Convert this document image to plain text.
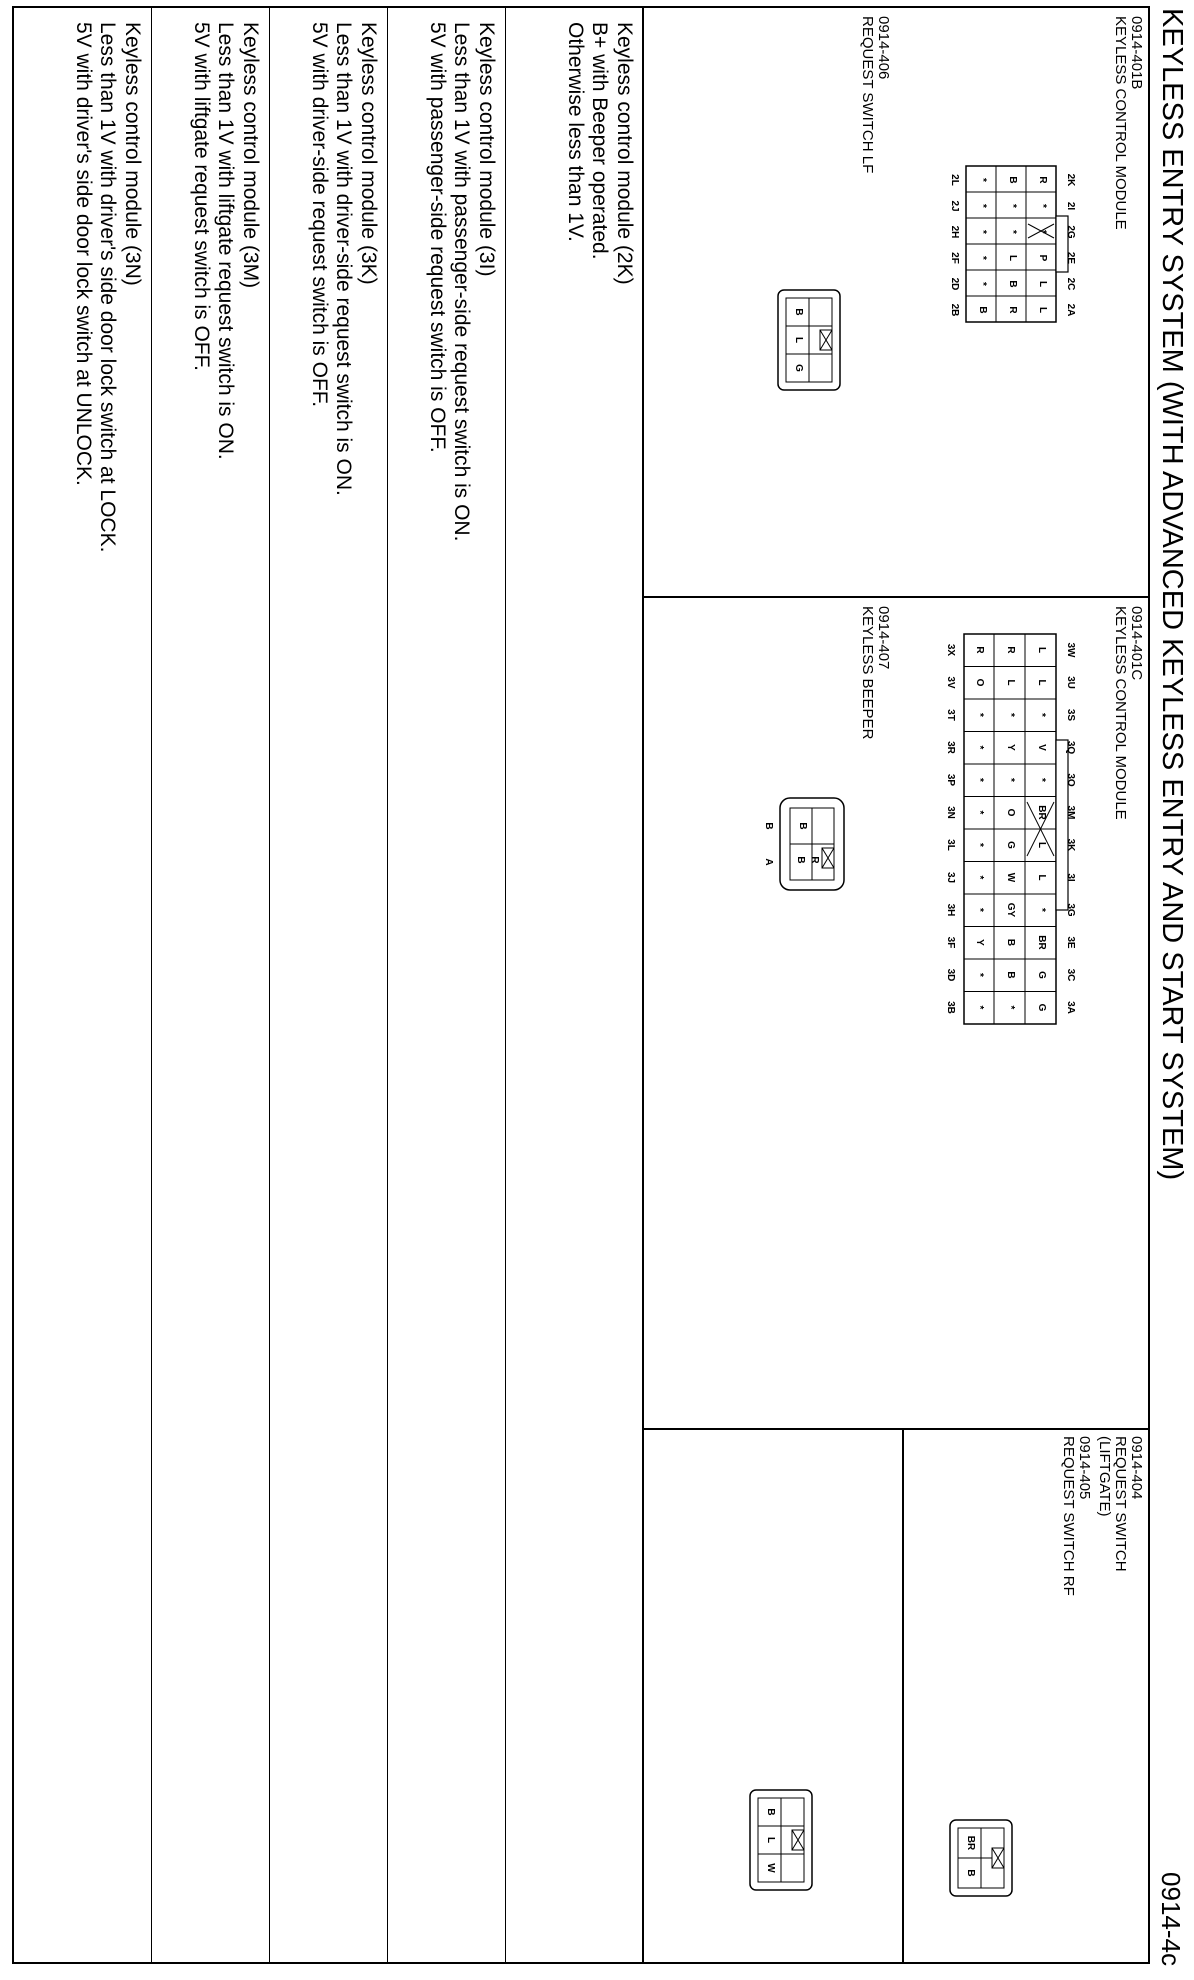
KEYLESS ENTRY SYSTEM (WITH ADVANCED KEYLESS ENTRY AND START SYSTEM)
0914-4c
0914-401B
KEYLESS CONTROL MODULE
0914-406
REQUEST SWITCH LF
0914-401C
KEYLESS CONTROL MODULE
0914-407
KEYLESS BEEPER
0914-404
REQUEST SWITCH
(LIFTGATE)
0914-405
REQUEST SWITCH RF
2K
2I
2G
2E
2C
2A
R
*
*
P
L
L
B
*
*
L
B
R
*
*
*
*
*
B
2L
2J
2H
2F
2D
2B
B
L
G
3W
3U
3S
3Q
3O
3M
3K
3I
3G
3E
3C
3A
L
L
*
V
*
BR
L
L
*
BR
G
G
R
L
*
Y
*
O
G
W
GY
B
B
*
R
O
*
*
*
*
*
*
*
Y
*
*
3X
3V
3T
3R
3P
3N
3L
3J
3H
3F
3D
3B
B
R
B
B
A
BR
B
B
L
W
Keyless control module (2K)
B+ with Beeper operated.
Otherwise less than 1V.
Keyless control module (3I)
Less than 1V with passenger-side request switch is ON.
5V with passenger-side request switch is OFF.
Keyless control module (3K)
Less than 1V with driver-side request switch is ON.
5V with driver-side request switch is OFF.
Keyless control module (3M)
Less than 1V with liftgate request switch is ON.
5V with liftgate request switch is OFF.
Keyless control module (3N)
Less than 1V with driver's side door lock switch at LOCK.
5V with driver's side door lock switch at UNLOCK.
